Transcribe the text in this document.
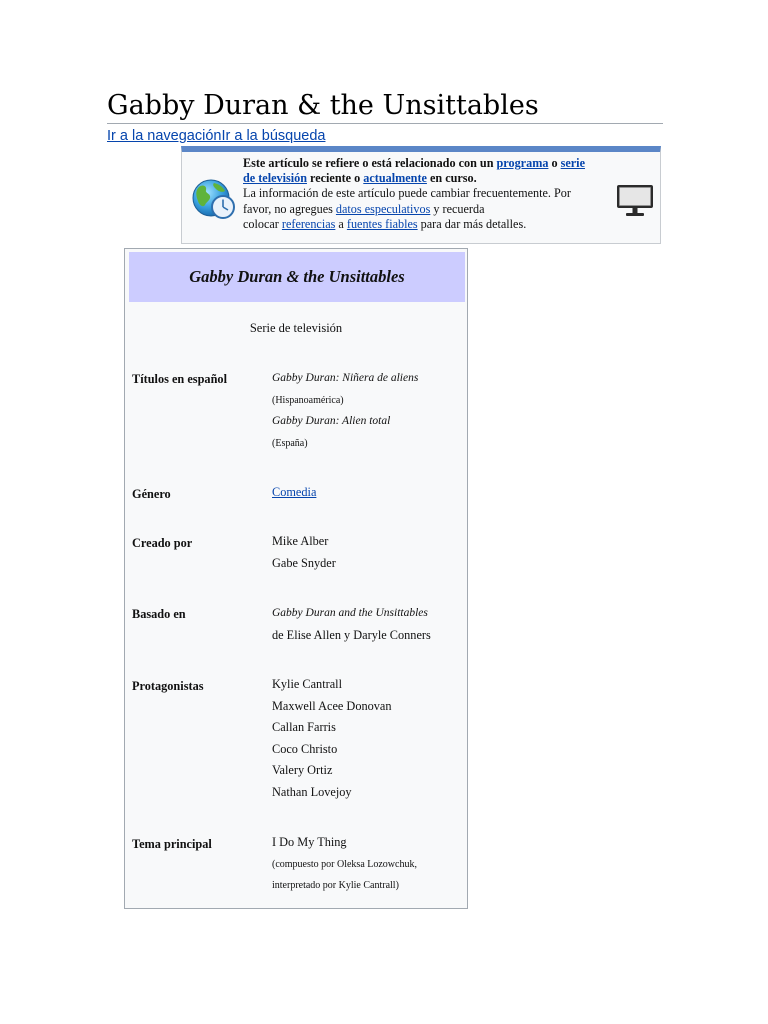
Gabby Duran & the Unsittables
Ir a la navegaciónIr a la búsqueda
Este artículo se refiere o está relacionado con un programa o serie
de televisión reciente o actualmente en curso.
La información de este artículo puede cambiar frecuentemente. Por
favor, no agregues datos especulativos y recuerda
colocar referencias a fuentes fiables para dar más detalles.
Gabby Duran & the Unsittables
Serie de televisión
Títulos en español	Gabby Duran: Niñera de aliens
(Hispanoamérica)
Gabby Duran: Alien total
(España)
Género	Comedia
Creado por	Mike Alber
Gabe Snyder
Basado en	Gabby Duran and the Unsittables
de Elise Allen y Daryle Conners
Protagonistas	Kylie Cantrall
Maxwell Acee Donovan
Callan Farris
Coco Christo
Valery Ortiz
Nathan Lovejoy
Tema principal	I Do My Thing
(compuesto por Oleksa Lozowchuk,
interpretado por Kylie Cantrall)
